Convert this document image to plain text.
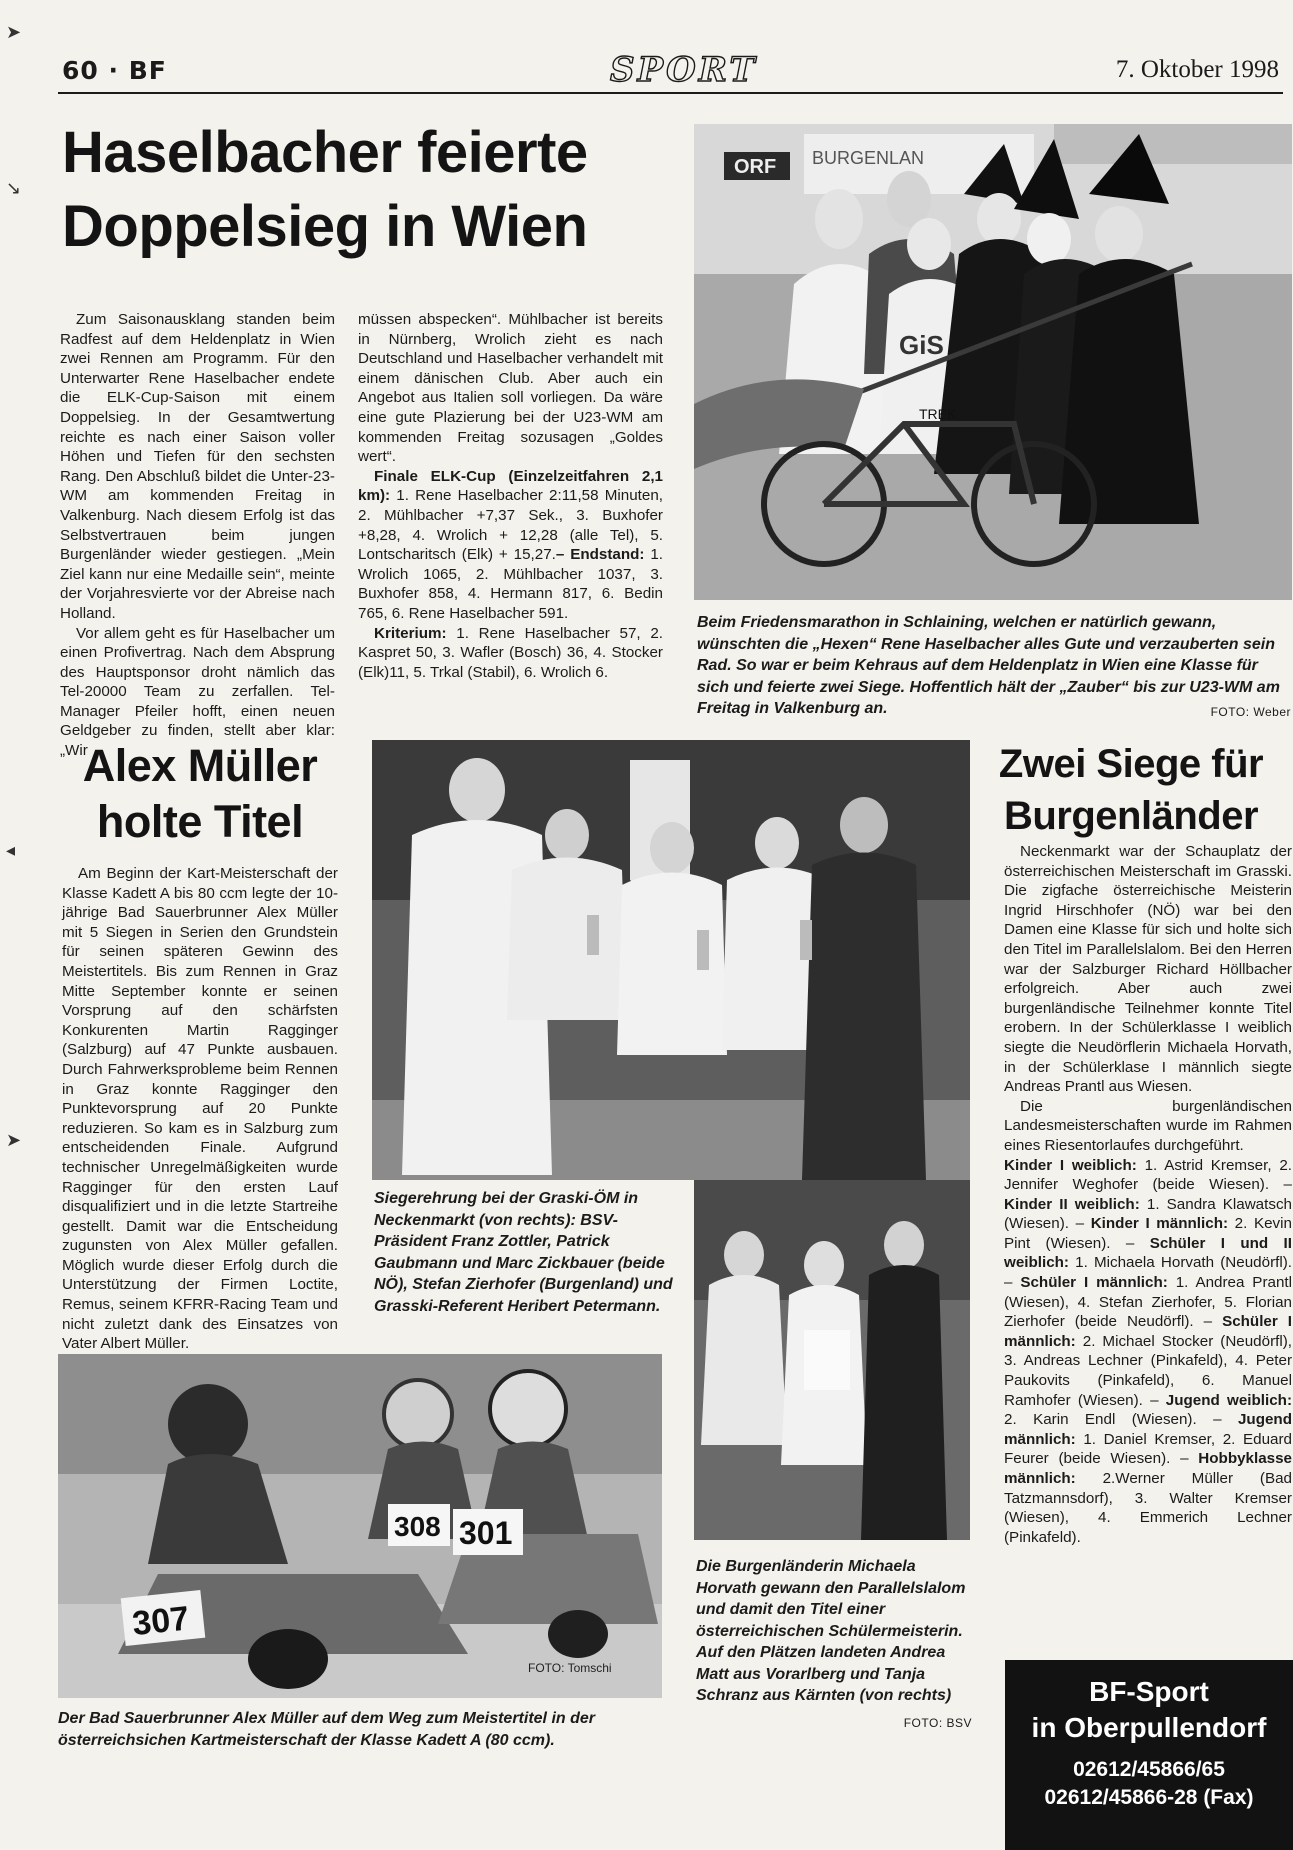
➤
↘
◂
➤
60 · BF	SPORT	7. Oktober 1998
Haselbacher feierte Doppelsieg in Wien

Zum Saisonausklang standen beim Radfest auf dem Heldenplatz in Wien zwei Rennen am Programm. Für den Unterwarter Rene Haselbacher endete die ELK-Cup-Saison mit einem Doppelsieg. In der Gesamtwertung reichte es nach einer Saison voller Höhen und Tiefen für den sechsten Rang. Den Abschluß bildet die Unter-23-WM am kommenden Freitag in Valkenburg. Nach diesem Erfolg ist das Selbstvertrauen beim jungen Burgenländer wieder gestiegen. „Mein Ziel kann nur eine Medaille sein“, meinte der Vorjahresvierte vor der Abreise nach Holland.

Vor allem geht es für Haselbacher um einen Profivertrag. Nach dem Absprung des Hauptsponsor droht nämlich das Tel-20000 Team zu zerfallen. Tel-Manager Pfeiler hofft, einen neuen Geldgeber zu finden, stellt aber klar: „Wir

müssen abspecken“. Mühlbacher ist bereits in Nürnberg, Wrolich zieht es nach Deutschland und Haselbacher verhandelt mit einem dänischen Club. Aber auch ein Angebot aus Italien soll vorliegen. Da wäre eine gute Plazierung bei der U23-WM am kommenden Freitag sozusagen „Goldes wert“.

Finale ELK-Cup (Einzelzeitfahren 2,1 km): 1. Rene Haselbacher 2:11,58 Minuten, 2. Mühlbacher +7,37 Sek., 3. Buxhofer +8,28, 4. Wrolich + 12,28 (alle Tel), 5. Lontscharitsch (Elk) + 15,27.– Endstand: 1. Wrolich 1065, 2. Mühlbacher 1037, 3. Buxhofer 858, 4. Hermann 817, 6. Bedin 765, 6. Rene Haselbacher 591.

Kriterium: 1. Rene Haselbacher 57, 2. Kaspret 50, 3. Wafler (Bosch) 36, 4. Stocker (Elk)11, 5. Trkal (Stabil), 6. Wrolich 6.

ORF BURGENLAN
GiS
TREK
Beim Friedensmarathon in Schlaining, welchen er natürlich gewann, wünschten die „Hexen“ Rene Haselbacher alles Gute und verzauberten sein Rad. So war er beim Kehraus auf dem Heldenplatz in Wien eine Klasse für sich und feierte zwei Siege. Hoffentlich hält der „Zauber“ bis zur U23-WM am Freitag in Valkenburg an.	FOTO: Weber
Alex Müller holte Titel

Am Beginn der Kart-Meisterschaft der Klasse Kadett A bis 80 ccm legte der 10-jährige Bad Sauerbrunner Alex Müller mit 5 Siegen in Serien den Grundstein für seinen späteren Gewinn des Meistertitels. Bis zum Rennen in Graz Mitte September konnte er seinen Vorsprung auf den schärfsten Konkurenten Martin Ragginger (Salzburg) auf 47 Punkte ausbauen. Durch Fahrwerksprobleme beim Rennen in Graz konnte Ragginger den Punktevorsprung auf 20 Punkte reduzieren. So kam es in Salzburg zum entscheidenden Finale. Aufgrund technischer Unregelmäßigkeiten wurde Ragginger für den ersten Lauf disqualifiziert und in die letzte Startreihe gestellt. Damit war die Entscheidung zugunsten von Alex Müller gefallen. Möglich wurde dieser Erfolg durch die Unterstützung der Firmen Loctite, Remus, seinem KFRR-Racing Team und nicht zuletzt dank des Einsatzes von Vater Albert Müller.

Siegerehrung bei der Graski-ÖM in Neckenmarkt (von rechts): BSV-Präsident Franz Zottler, Patrick Gaubmann und Marc Zickbauer (beide NÖ), Stefan Zierhofer (Burgenland) und Grasski-Referent Heribert Petermann.
Die Burgenländerin Michaela Horvath gewann den Parallelslalom und damit den Titel einer österreichischen Schülermeisterin. Auf den Plätzen landeten Andrea Matt aus Vorarlberg und Tanja Schranz aus Kärnten (von rechts)
FOTO: BSV
307
308 301
FOTO: Tomschi
Der Bad Sauerbrunner Alex Müller auf dem Weg zum Meistertitel in der österreichsichen Kartmeisterschaft der Klasse Kadett A (80 ccm).
Zwei Siege für Burgenländer

Neckenmarkt war der Schauplatz der österreichischen Meisterschaft im Grasski. Die zigfache österreichische Meisterin Ingrid Hirschhofer (NÖ) war bei den Damen eine Klasse für sich und holte sich den Titel im Parallelslalom. Bei den Herren war der Salzburger Richard Höllbacher erfolgreich. Aber auch zwei burgenländische Teilnehmer konnte Titel erobern. In der Schülerklasse I weiblich siegte die Neudörflerin Michaela Horvath, in der Schülerklase I männlich siegte Andreas Prantl aus Wiesen.

Die burgenländischen Landesmeisterschaften wurde im Rahmen eines Riesentorlaufes durchgeführt.

Kinder I weiblich: 1. Astrid Kremser, 2. Jennifer Weghofer (beide Wiesen). – Kinder II weiblich: 1. Sandra Klawatsch (Wiesen). – Kinder I männlich: 2. Kevin Pint (Wiesen). – Schüler I und II weiblich: 1. Michaela Horvath (Neudörfl). – Schüler I männlich: 1. Andrea Prantl (Wiesen), 4. Stefan Zierhofer, 5. Florian Zierhofer (beide Neudörfl). – Schüler I männlich: 2. Michael Stocker (Neudörfl), 3. Andreas Lechner (Pinkafeld), 4. Peter Paukovits (Pinkafeld), 6. Manuel Ramhofer (Wiesen). – Jugend weiblich: 2. Karin Endl (Wiesen). – Jugend männlich: 1. Daniel Kremser, 2. Eduard Feurer (beide Wiesen). – Hobbyklasse männlich: 2.Werner Müller (Bad Tatzmannsdorf), 3. Walter Kremser (Wiesen), 4. Emmerich Lechner (Pinkafeld).

BF-Sport
in Oberpullendorf
02612/45866/65
02612/45866-28 (Fax)
